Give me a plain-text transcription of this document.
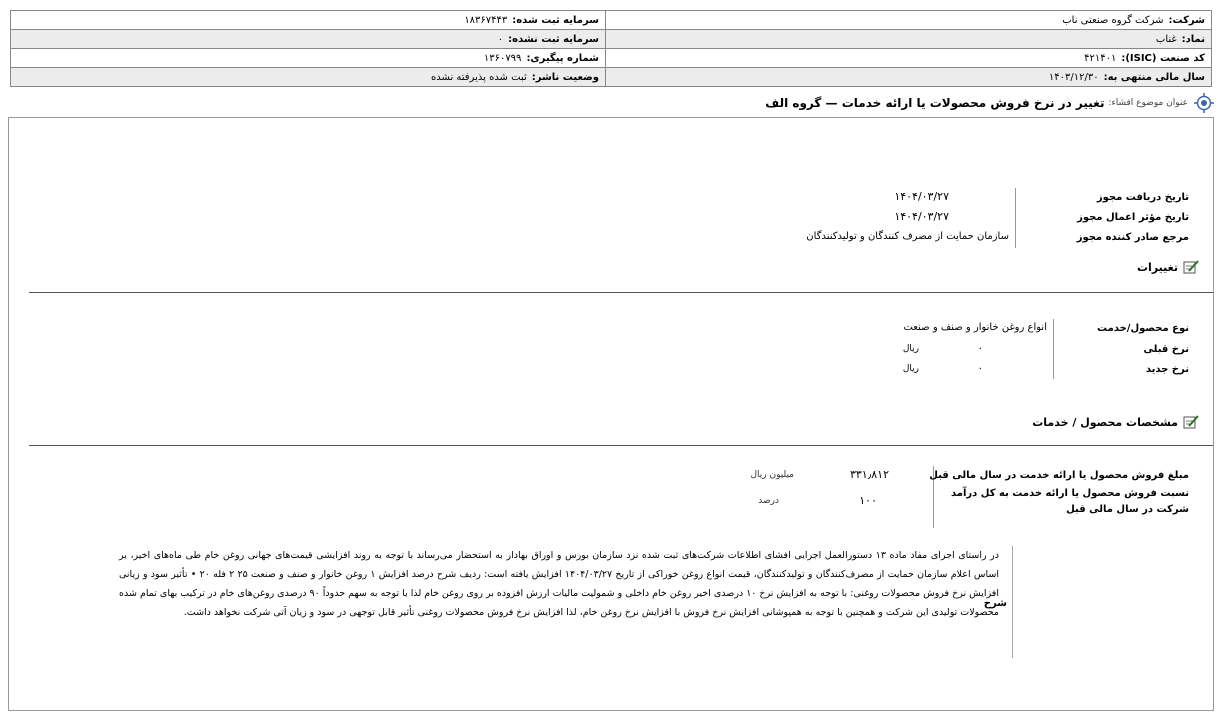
سرمایه ثبت شده:۱۸۳۶۷۴۴۳	شرکت:شرکت گروه صنعتی ناب
سرمایه ثبت نشده:۰	نماد:غناب
شماره پیگیری:۱۳۶۰۷۹۹	کد صنعت (ISIC):۴۲۱۴۰۱
وضعیت ناشر:ثبت شده پذیرفته نشده	سال مالی منتهی به:۱۴۰۳/۱۲/۳۰
عنوان موضوع افشاء:
تغییر در نرخ فروش محصولات یا ارائه خدمات — گروه الف
تاریخ دریافت مجوز
۱۴۰۴/۰۳/۲۷
تاریخ مؤثر اعمال مجوز
۱۴۰۴/۰۳/۲۷
مرجع صادر کننده مجوز
سازمان حمایت از مصرف کنندگان و تولیدکنندگان
تغییرات
نوع محصول/خدمت
انواع روغن خانوار و صنف و صنعت
نرخ قبلی
۰
ریال
نرخ جدید
۰
ریال
مشخصات محصول / خدمات
مبلغ فروش محصول یا ارائه خدمت در سال مالی قبل
۳۳۱٫۸۱۲
میلیون ریال
نسبت فروش محصول یا ارائه خدمت به کل درآمد
شرکت در سال مالی قبل
۱۰۰
درصد
شرح
در راستای اجرای مفاد ماده ۱۳ دستورالعمل اجرایی افشای اطلاعات شرکت‌های ثبت شده نزد سازمان بورس و اوراق بهادار به استحضار می‌رساند با توجه به روند افزایشی قیمت‌های جهانی روغن خام طی ماه‌های اخیر، بر اساس اعلام سازمان حمایت از مصرف‌کنندگان و تولیدکنندگان، قیمت انواع روغن خوراکی از تاریخ ۱۴۰۴/۰۳/۲۷ افزایش یافته است: ردیف شرح درصد افزایش ۱ روغن خانوار و صنف و صنعت ۲۵ ۲ فله ۲۰ • تأثیر سود و زیانی افزایش نرخ فروش محصولات روغنی: با توجه به افزایش نرخ ۱۰ درصدی اخیر روغن خام داخلی و شمولیت مالیات ارزش افزوده بر روی روغن خام لذا با توجه به سهم حدوداً ۹۰ درصدی روغن‌های خام در ترکیب بهای تمام شده محصولات تولیدی این شرکت و همچنین با توجه به همپوشانی افزایش نرخ فروش با افزایش نرخ روغن خام، لذا افزایش نرخ فروش محصولات روغنی تأثیر قابل توجهی در سود و زیان آتی شرکت نخواهد داشت.
